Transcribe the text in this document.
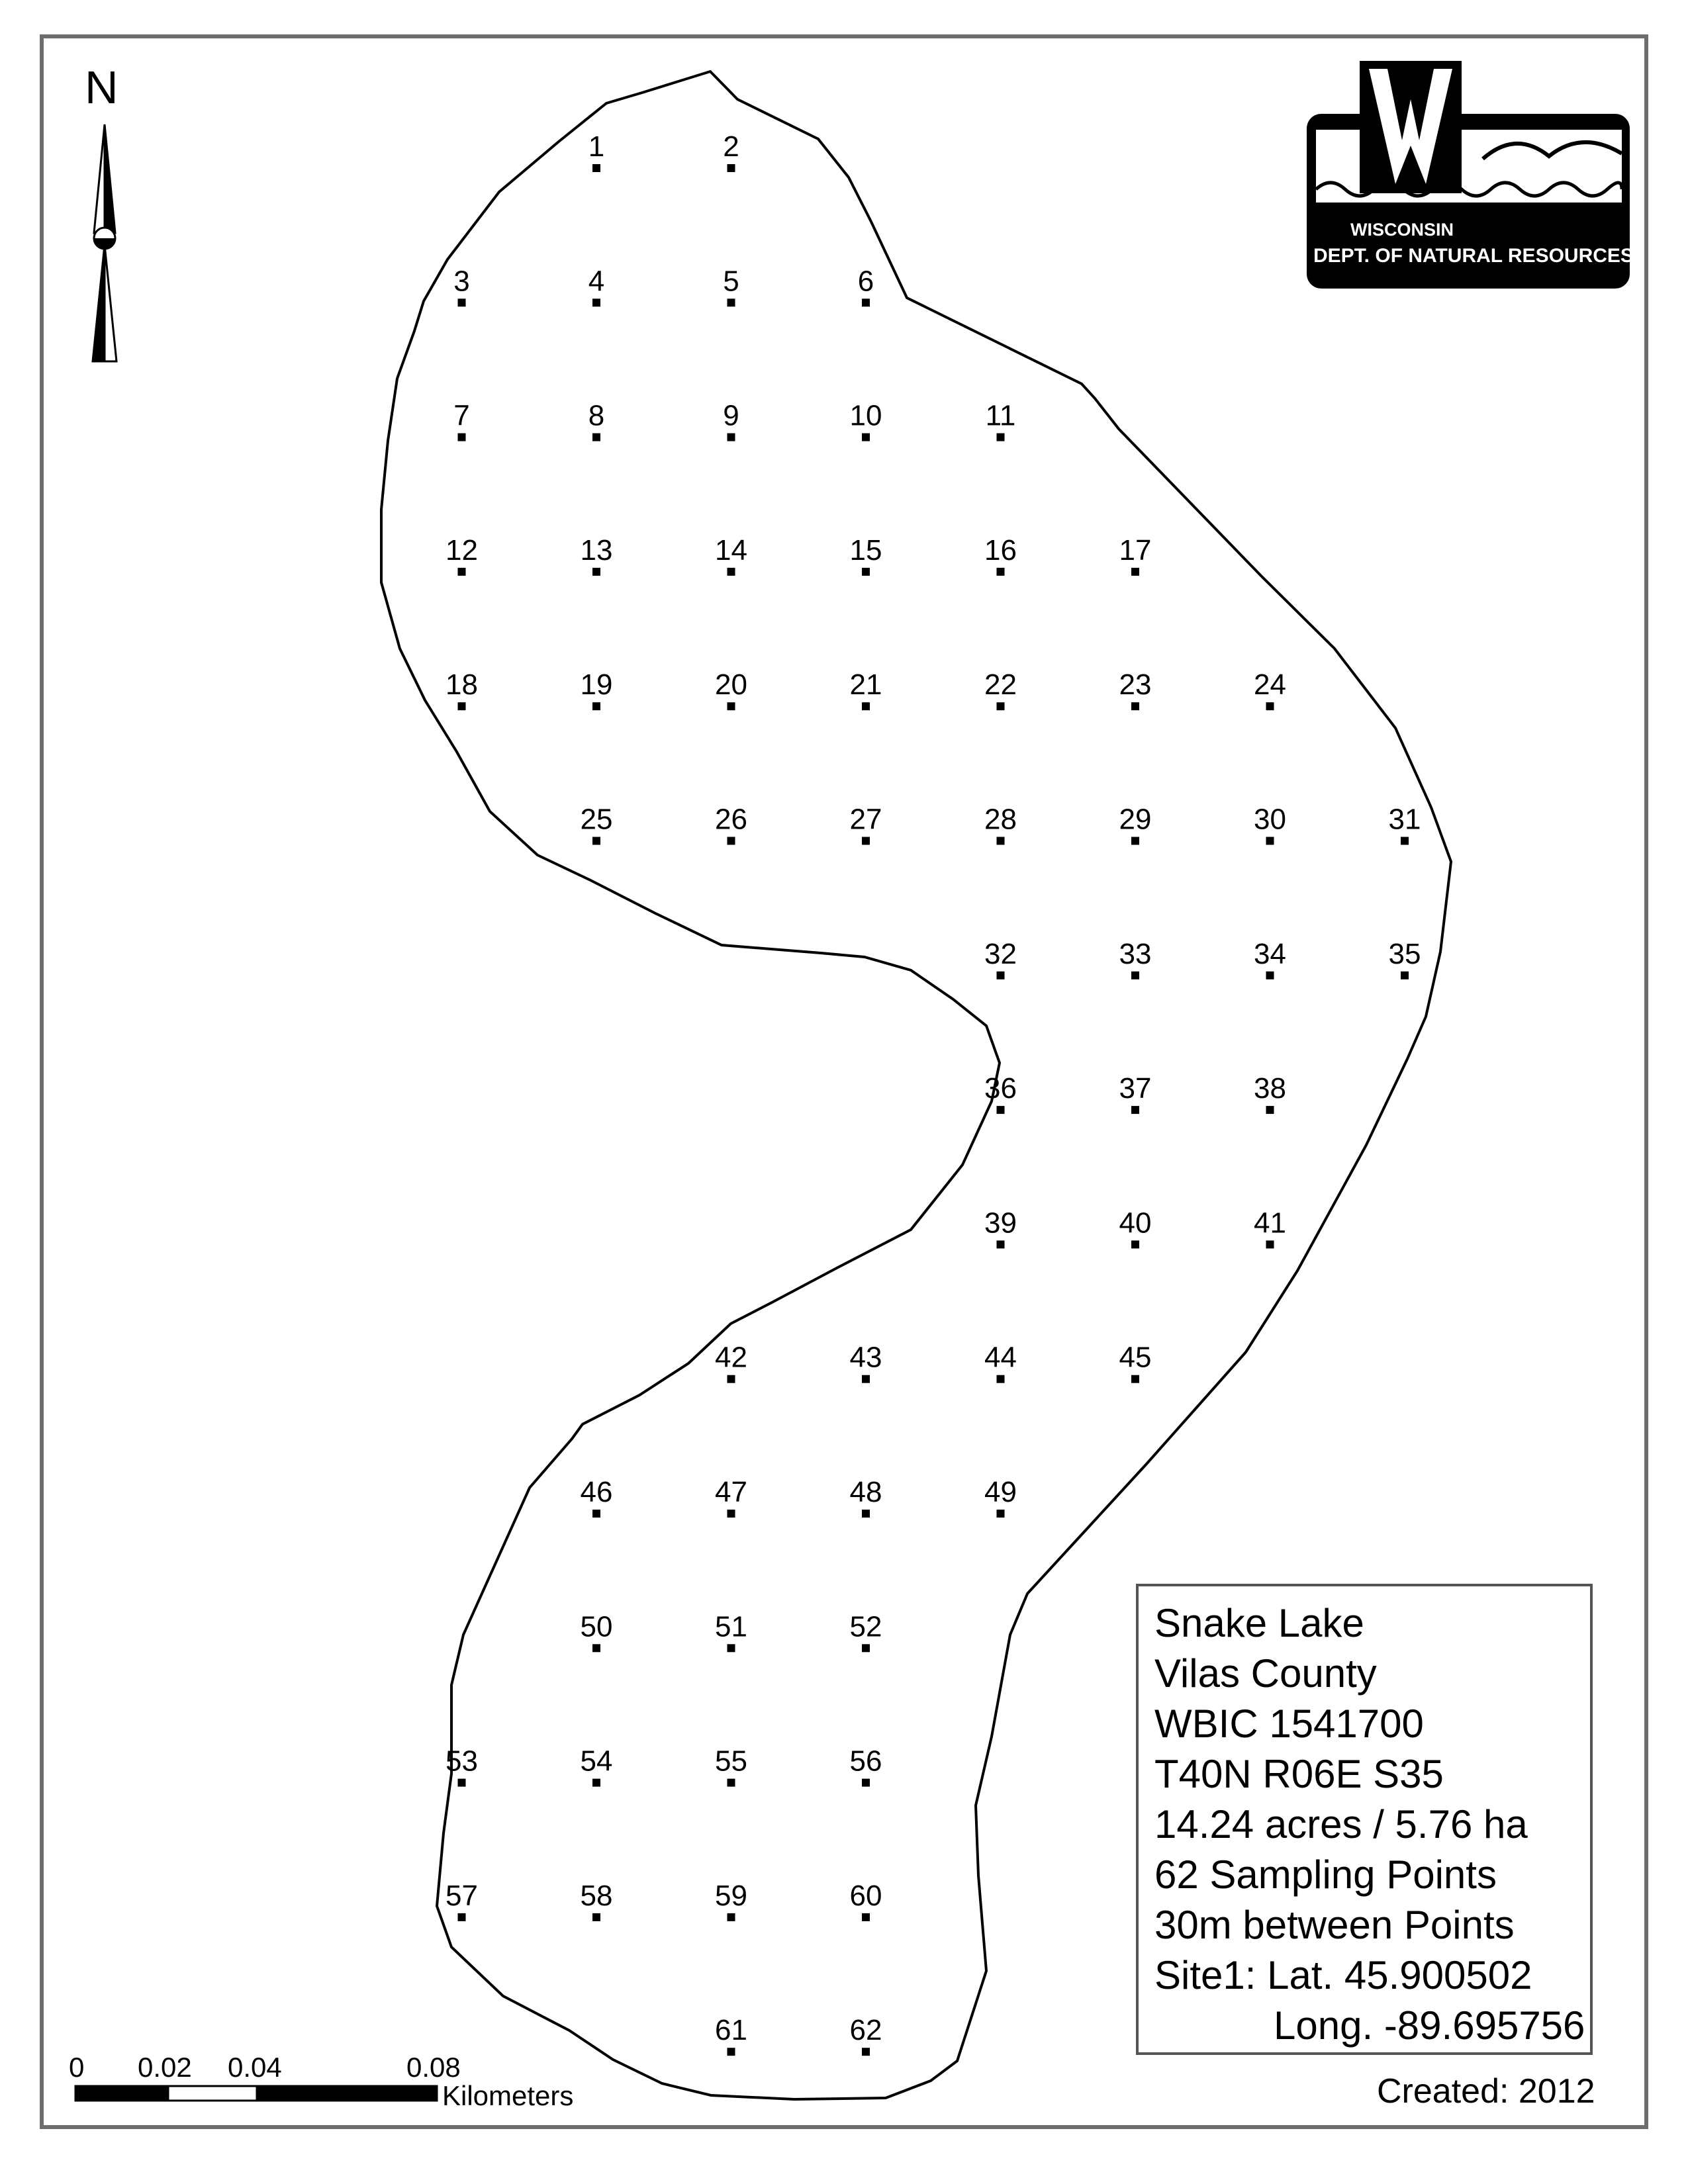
1	2
3	4	5	6
7	8	9	10	11
12	13	14	15	16	17
18	19	20	21	22	23	24
25	26	27	28	29	30	31
32	33	34	35
36	37	38
39	40	41
42	43	44	45
46	47	48	49
50	51	52
53	54	55	56
57	58	59	60
61	62
N
WISCONSIN
DEPT. OF NATURAL RESOURCES
Snake Lake
Vilas County
WBIC 1541700
T40N R06E S35
14.24 acres / 5.76 ha
62 Sampling Points
30m between Points
Site1: Lat. 45.900502
Long. -89.695756
Created: 2012
0 0.02 0.04	0.08
Kilometers
